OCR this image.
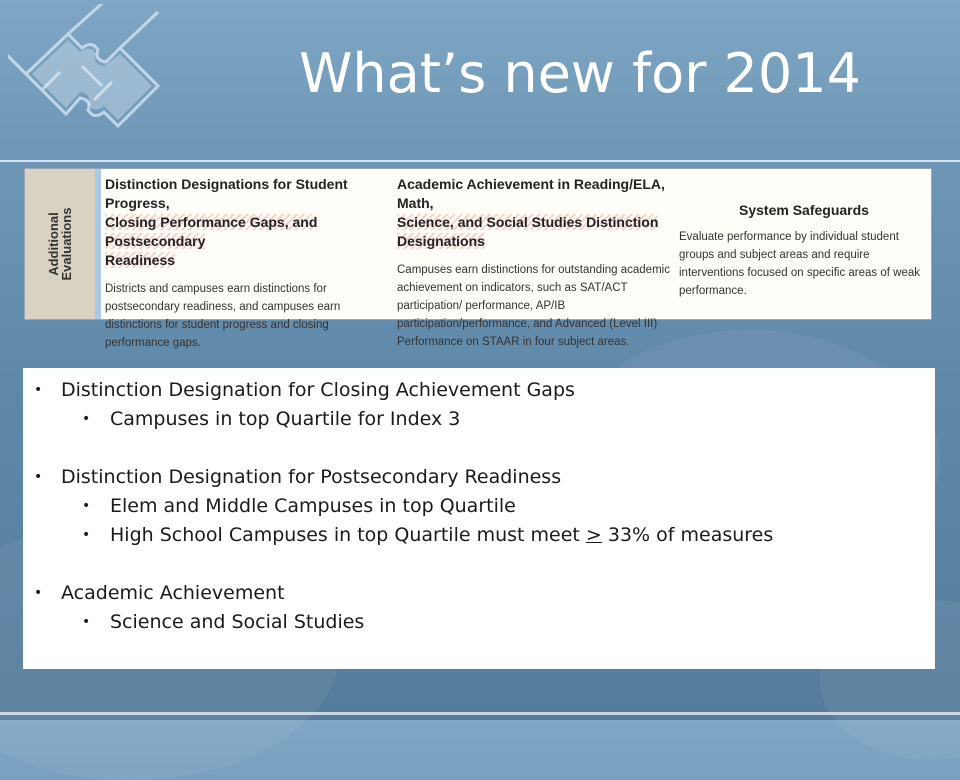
What’s new for 2014
Additional
Evaluations
Distinction Designations for Student Progress,
Closing Performance Gaps, and Postsecondary
Readiness
Districts and campuses earn distinctions for postsecondary readiness, and campuses earn distinctions for student progress and closing performance gaps.
Academic Achievement in Reading/ELA, Math,
Science, and Social Studies Distinction Designations
Campuses earn distinctions for outstanding academic achievement on indicators, such as SAT/ACT participation/ performance, AP/IB participation/performance, and Advanced (Level III) Performance on STAAR in four subject areas.
System Safeguards
Evaluate performance by individual student groups and subject areas and require interventions focused on specific areas of weak performance.
• Distinction Designation for Closing Achievement Gaps
• Campuses in top Quartile for Index 3
• Distinction Designation for Postsecondary Readiness
• Elem and Middle Campuses in top Quartile
• High School Campuses in top Quartile must meet ≥ 33% of measures
• Academic Achievement
• Science and Social Studies
